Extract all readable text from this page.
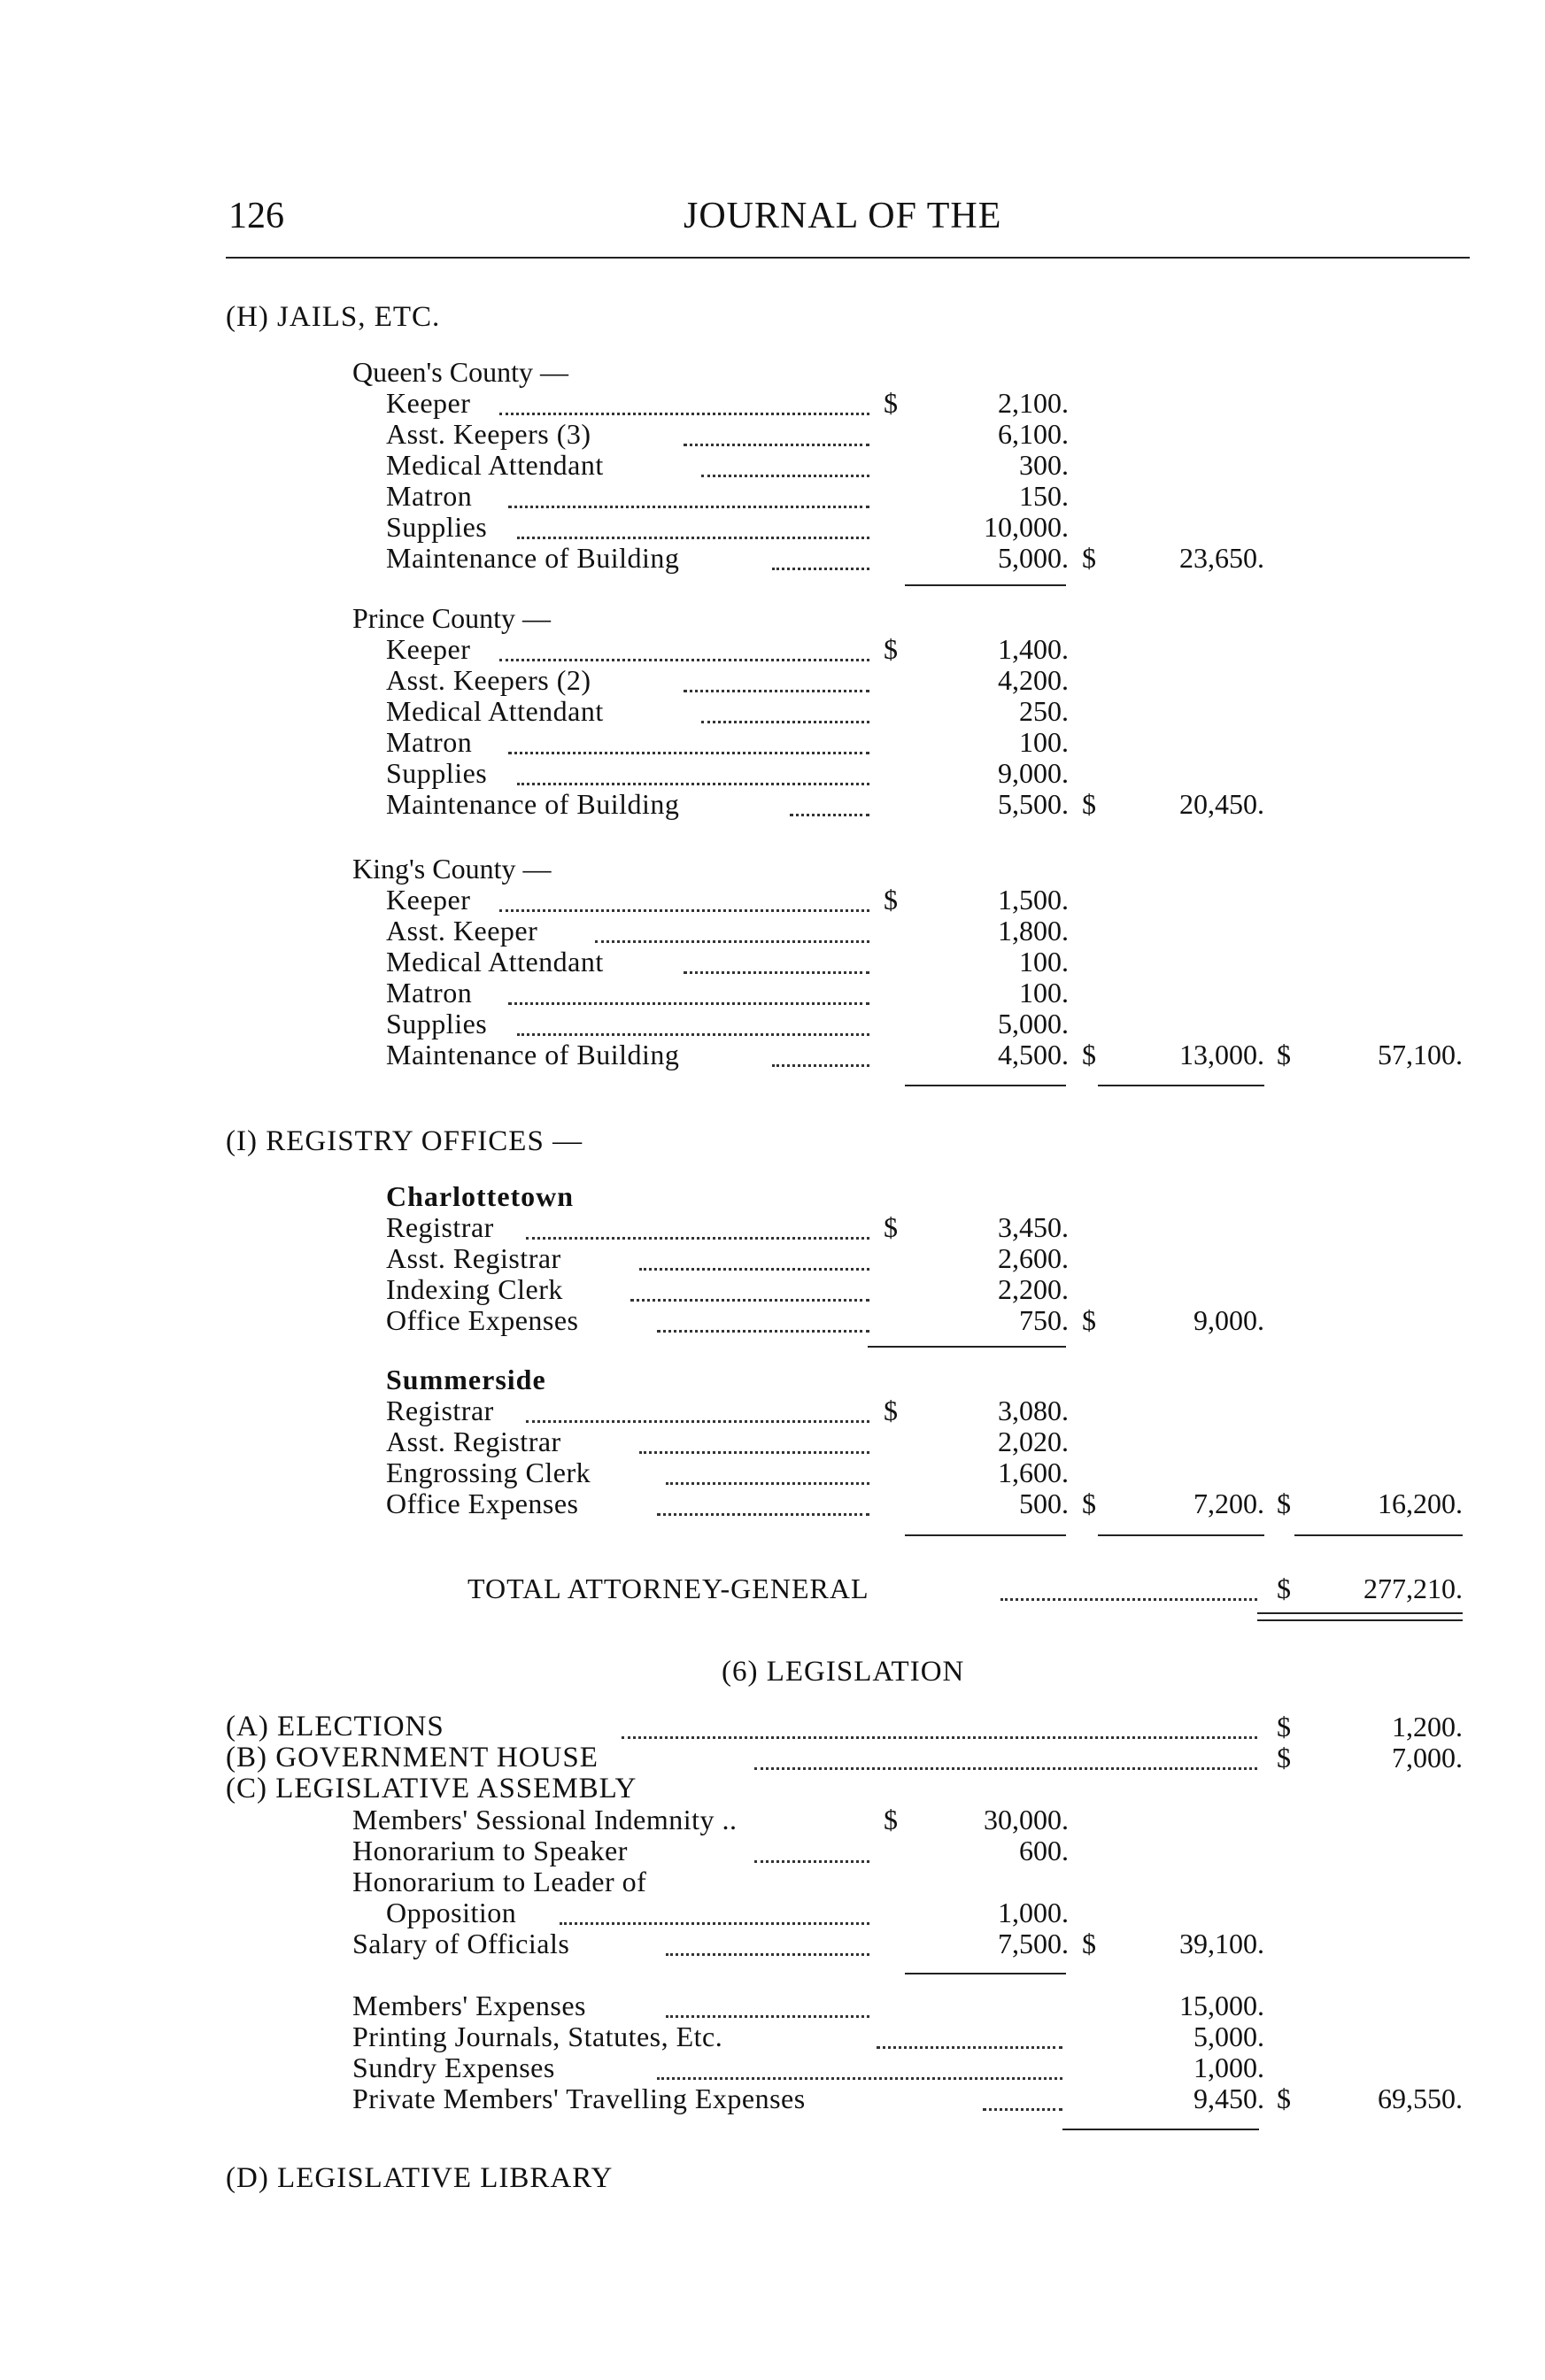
126	JOURNAL OF THE
(H) JAILS, ETC.
Queen's County —
Keeper	$	2,100.
Asst. Keepers (3)	6,100.
Medical Attendant	300.
Matron	150.
Supplies	10,000.
Maintenance of Building	5,000. $	23,650.
Prince County —
Keeper	$	1,400.
Asst. Keepers (2)	4,200.
Medical Attendant	250.
Matron	100.
Supplies	9,000.
Maintenance of Building	5,500. $	20,450.
King's County —
Keeper	$	1,500.
Asst. Keeper	1,800.
Medical Attendant	100.
Matron	100.
Supplies	5,000.
Maintenance of Building	4,500. $	13,000. $	57,100.
(I) REGISTRY OFFICES —
Charlottetown
Registrar	$	3,450.
Asst. Registrar	2,600.
Indexing Clerk	2,200.
Office Expenses	750. $	9,000.
Summerside
Registrar	$	3,080.
Asst. Registrar	2,020.
Engrossing Clerk	1,600.
Office Expenses	500. $	7,200. $	16,200.
TOTAL ATTORNEY-GENERAL	$	277,210.
(6) LEGISLATION
(A) ELECTIONS	$	1,200.
(B) GOVERNMENT HOUSE	$	7,000.
(C) LEGISLATIVE ASSEMBLY
Members' Sessional Indemnity ..	$	30,000.
Honorarium to Speaker	600.
Honorarium to Leader of
Opposition	1,000.
Salary of Officials	7,500. $	39,100.
Members' Expenses	15,000.
Printing Journals, Statutes, Etc.	5,000.
Sundry Expenses	1,000.
Private Members' Travelling Expenses	9,450. $	69,550.
(D) LEGISLATIVE LIBRARY
